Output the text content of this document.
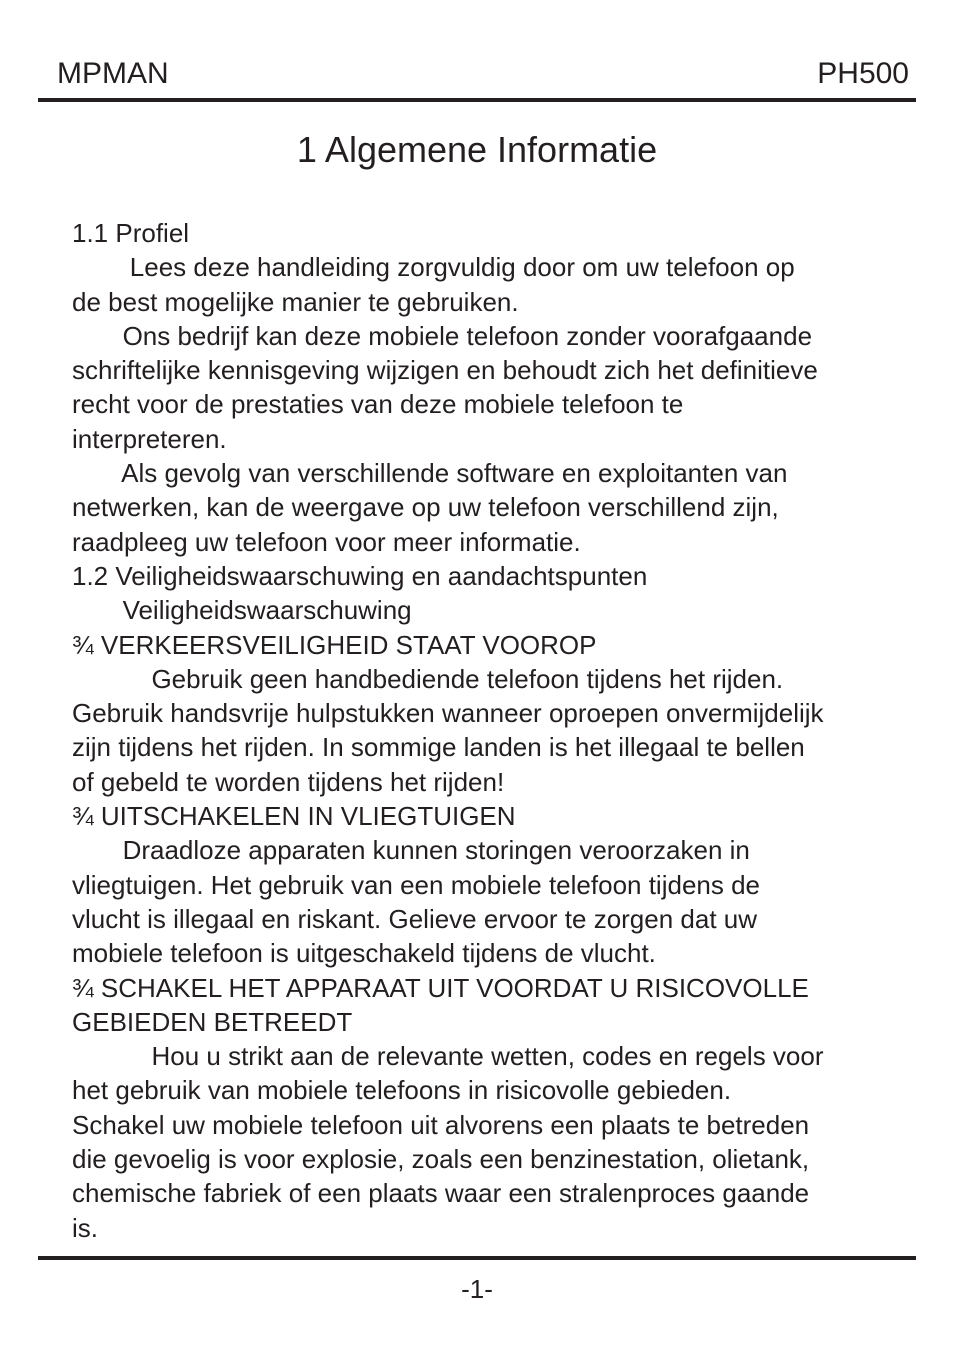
MPMAN	PH500
1 Algemene Informatie

1.1 Profiel

Lees deze handleiding zorgvuldig door om uw telefoon op

de best mogelijke manier te gebruiken.

Ons bedrijf kan deze mobiele telefoon zonder voorafgaande

schriftelijke kennisgeving wijzigen en behoudt zich het definitieve

recht voor de prestaties van deze mobiele telefoon te

interpreteren.

Als gevolg van verschillende software en exploitanten van

netwerken, kan de weergave op uw telefoon verschillend zijn,

raadpleeg uw telefoon voor meer informatie.

1.2 Veiligheidswaarschuwing en aandachtspunten

Veiligheidswaarschuwing

¾ VERKEERSVEILIGHEID STAAT VOOROP

Gebruik geen handbediende telefoon tijdens het rijden.

Gebruik handsvrije hulpstukken wanneer oproepen onvermijdelijk

zijn tijdens het rijden. In sommige landen is het illegaal te bellen

of gebeld te worden tijdens het rijden!

¾ UITSCHAKELEN IN VLIEGTUIGEN

Draadloze apparaten kunnen storingen veroorzaken in

vliegtuigen. Het gebruik van een mobiele telefoon tijdens de

vlucht is illegaal en riskant. Gelieve ervoor te zorgen dat uw

mobiele telefoon is uitgeschakeld tijdens de vlucht.

¾ SCHAKEL HET APPARAAT UIT VOORDAT U RISICOVOLLE

GEBIEDEN BETREEDT

Hou u strikt aan de relevante wetten, codes en regels voor

het gebruik van mobiele telefoons in risicovolle gebieden.

Schakel uw mobiele telefoon uit alvorens een plaats te betreden

die gevoelig is voor explosie, zoals een benzinestation, olietank,

chemische fabriek of een plaats waar een stralenproces gaande

is.

-1-
